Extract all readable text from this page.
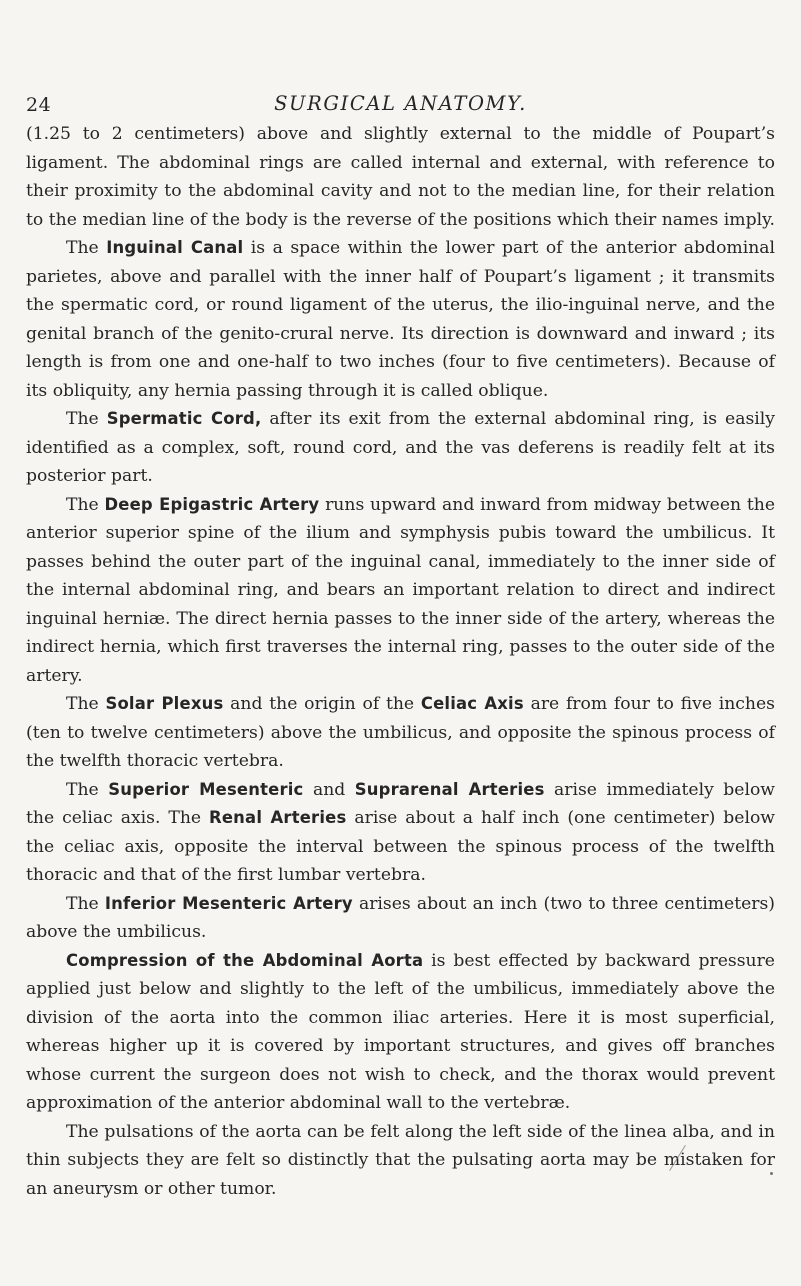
24	SURGICAL ANATOMY.

(1.25 to 2 centimeters) above and slightly external to the middle of Poupart’s ligament. The abdominal rings are called internal and external, with reference to their proximity to the abdominal cavity and not to the median line, for their relation to the median line of the body is the reverse of the positions which their names imply.

The Inguinal Canal is a space within the lower part of the anterior abdominal parietes, above and parallel with the inner half of Poupart’s ligament ; it transmits the spermatic cord, or round ligament of the uterus, the ilio-inguinal nerve, and the genital branch of the genito-crural nerve. Its direction is downward and inward ; its length is from one and one-half to two inches (four to five centimeters). Because of its obliquity, any hernia passing through it is called oblique.

The Spermatic Cord, after its exit from the external abdominal ring, is easily identified as a complex, soft, round cord, and the vas deferens is readily felt at its posterior part.

The Deep Epigastric Artery runs upward and inward from midway between the anterior superior spine of the ilium and symphysis pubis toward the umbilicus. It passes behind the outer part of the inguinal canal, immediately to the inner side of the internal abdominal ring, and bears an important relation to direct and indirect inguinal herniæ. The direct hernia passes to the inner side of the artery, whereas the indirect hernia, which first traverses the internal ring, passes to the outer side of the artery.

The Solar Plexus and the origin of the Celiac Axis are from four to five inches (ten to twelve centimeters) above the umbilicus, and opposite the spinous process of the twelfth thoracic vertebra.

The Superior Mesenteric and Suprarenal Arteries arise immediately below the celiac axis. The Renal Arteries arise about a half inch (one centimeter) below the celiac axis, opposite the interval between the spinous process of the twelfth thoracic and that of the first lumbar vertebra.

The Inferior Mesenteric Artery arises about an inch (two to three centimeters) above the umbilicus.

Compression of the Abdominal Aorta is best effected by backward pressure applied just below and slightly to the left of the umbilicus, immediately above the division of the aorta into the common iliac arteries. Here it is most superficial, whereas higher up it is covered by important structures, and gives off branches whose current the surgeon does not wish to check, and the thorax would prevent approximation of the anterior abdominal wall to the vertebræ.

The pulsations of the aorta can be felt along the left side of the linea alba, and in thin subjects they are felt so distinctly that the pulsating aorta may be mistaken for an aneurysm or other tumor.
